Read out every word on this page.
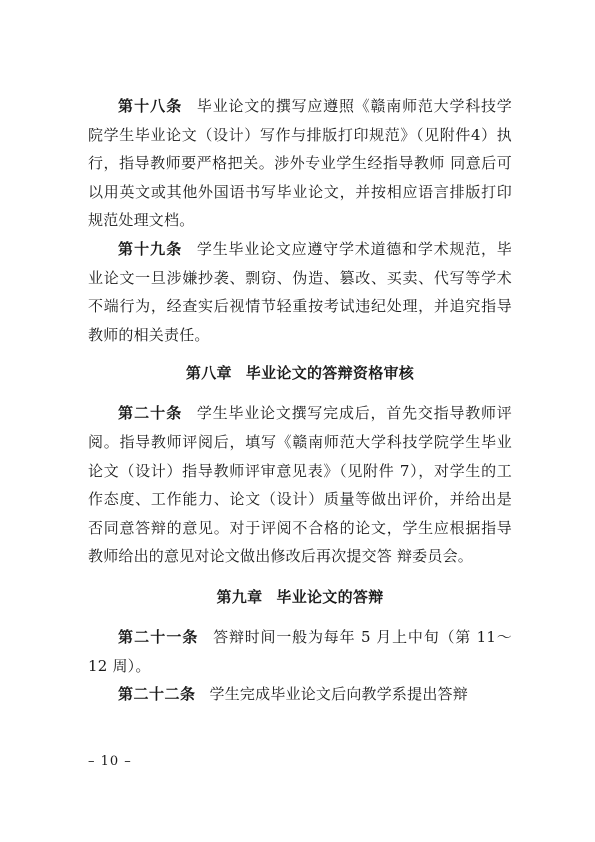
第十八条 毕业论文的撰写应遵照《赣南师范大学科技学院学生毕业论文（设计）写作与排版打印规范》（见附件4）执行，指导教师要严格把关。涉外专业学生经指导教师 同意后可以用英文或其他外国语书写毕业论文，并按相应语言排版打印规范处理文档。

第十九条 学生毕业论文应遵守学术道德和学术规范，毕业论文一旦涉嫌抄袭、剽窃、伪造、篡改、买卖、代写等学术不端行为，经查实后视情节轻重按考试违纪处理，并追究指导教师的相关责任。

第八章 毕业论文的答辩资格审核

第二十条 学生毕业论文撰写完成后，首先交指导教师评阅。指导教师评阅后，填写《赣南师范大学科技学院学生毕业论文（设计）指导教师评审意见表》（见附件 7），对学生的工作态度、工作能力、论文（设计）质量等做出评价，并给出是否同意答辩的意见。对于评阅不合格的论文，学生应根据指导教师给出的意见对论文做出修改后再次提交答 辩委员会。

第九章 毕业论文的答辩

第二十一条 答辩时间一般为每年 5 月上中旬（第 11～12 周）。

第二十二条 学生完成毕业论文后向教学系提出答辩

– 10 –
